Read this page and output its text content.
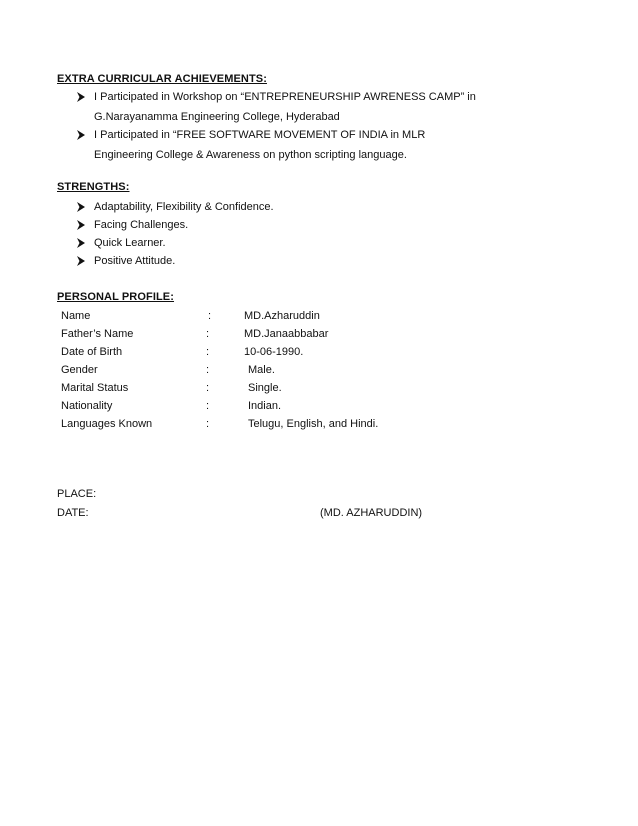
EXTRA CURRICULAR ACHIEVEMENTS:
I Participated in Workshop on “ENTREPRENEURSHIP AWRENESS CAMP” in
G.Narayanamma Engineering College, Hyderabad
I Participated in “FREE SOFTWARE MOVEMENT OF INDIA in MLR
Engineering College & Awareness on python scripting language.
STRENGTHS:
Adaptability, Flexibility & Confidence.
Facing Challenges.
Quick Learner.
Positive Attitude.
PERSONAL PROFILE:
Name	:	MD.Azharuddin
Father’s Name	:	MD.Janaabbabar
Date of Birth	:	10-06-1990.
Gender	:	Male.
Marital Status	:	Single.
Nationality	:	Indian.
Languages Known	:	Telugu, English, and Hindi.
PLACE:
DATE:	(MD. AZHARUDDIN)
